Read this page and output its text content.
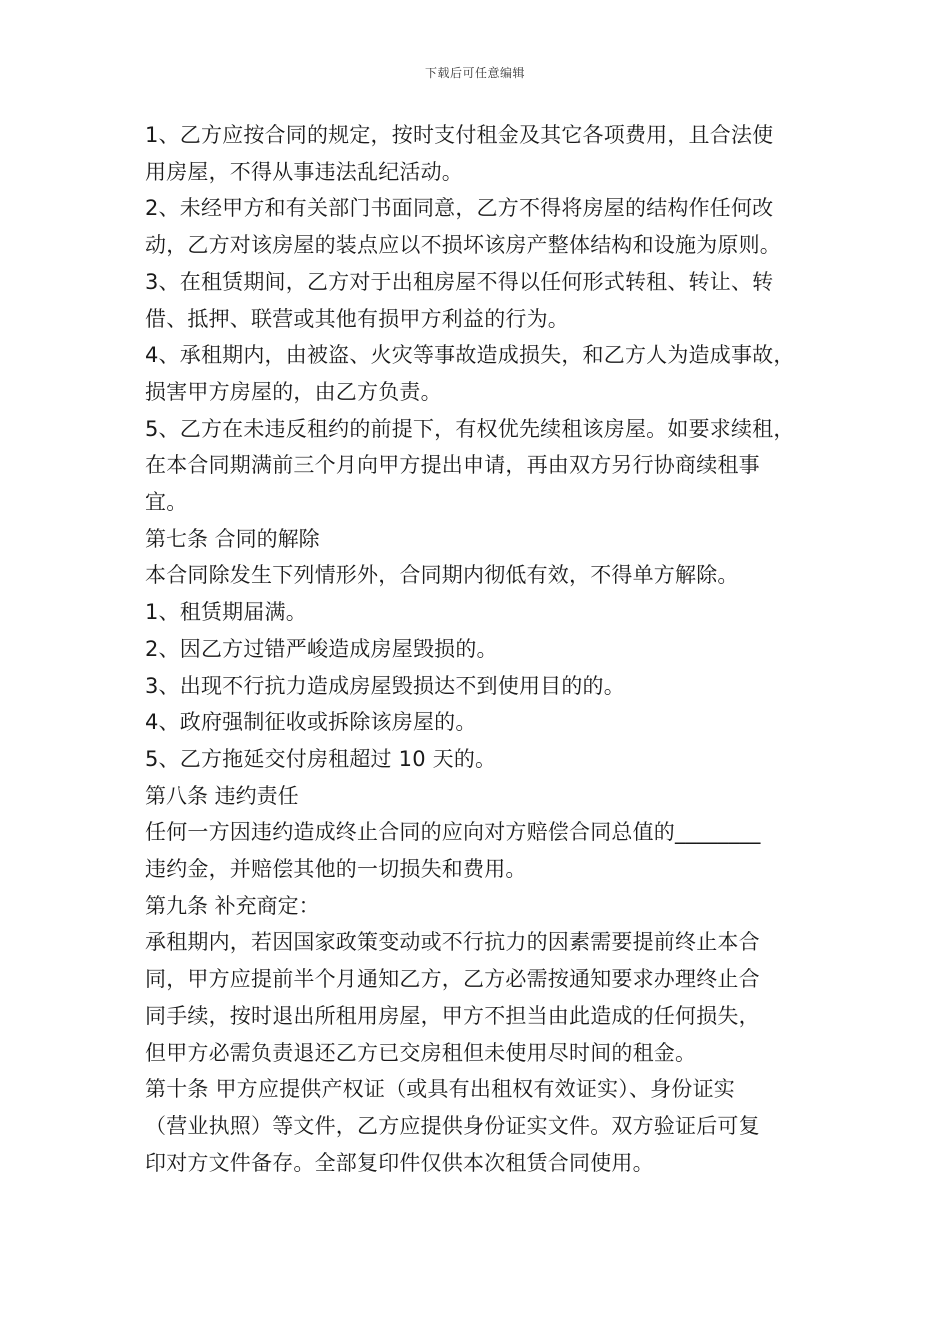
下载后可任意编辑
1、乙方应按合同的规定，按时支付租金及其它各项费用，且合法使
用房屋，不得从事违法乱纪活动。
2、未经甲方和有关部门书面同意，乙方不得将房屋的结构作任何改
动，乙方对该房屋的装点应以不损坏该房产整体结构和设施为原则。
3、在租赁期间，乙方对于出租房屋不得以任何形式转租、转让、转
借、抵押、联营或其他有损甲方利益的行为。
4、承租期内，由被盗、火灾等事故造成损失，和乙方人为造成事故，
损害甲方房屋的，由乙方负责。
5、乙方在未违反租约的前提下，有权优先续租该房屋。如要求续租，
在本合同期满前三个月向甲方提出申请，再由双方另行协商续租事
宜。
第七条 合同的解除
本合同除发生下列情形外，合同期内彻低有效，不得单方解除。
1、租赁期届满。
2、因乙方过错严峻造成房屋毁损的。
3、出现不行抗力造成房屋毁损达不到使用目的的。
4、政府强制征收或拆除该房屋的。
5、乙方拖延交付房租超过 10 天的。
第八条 违约责任
任何一方因违约造成终止合同的应向对方赔偿合同总值的________
违约金，并赔偿其他的一切损失和费用。
第九条 补充商定：
承租期内，若因国家政策变动或不行抗力的因素需要提前终止本合
同，甲方应提前半个月通知乙方，乙方必需按通知要求办理终止合
同手续，按时退出所租用房屋，甲方不担当由此造成的任何损失，
但甲方必需负责退还乙方已交房租但未使用尽时间的租金。
第十条 甲方应提供产权证（或具有出租权有效证实）、身份证实
（营业执照）等文件，乙方应提供身份证实文件。双方验证后可复
印对方文件备存。全部复印件仅供本次租赁合同使用。
